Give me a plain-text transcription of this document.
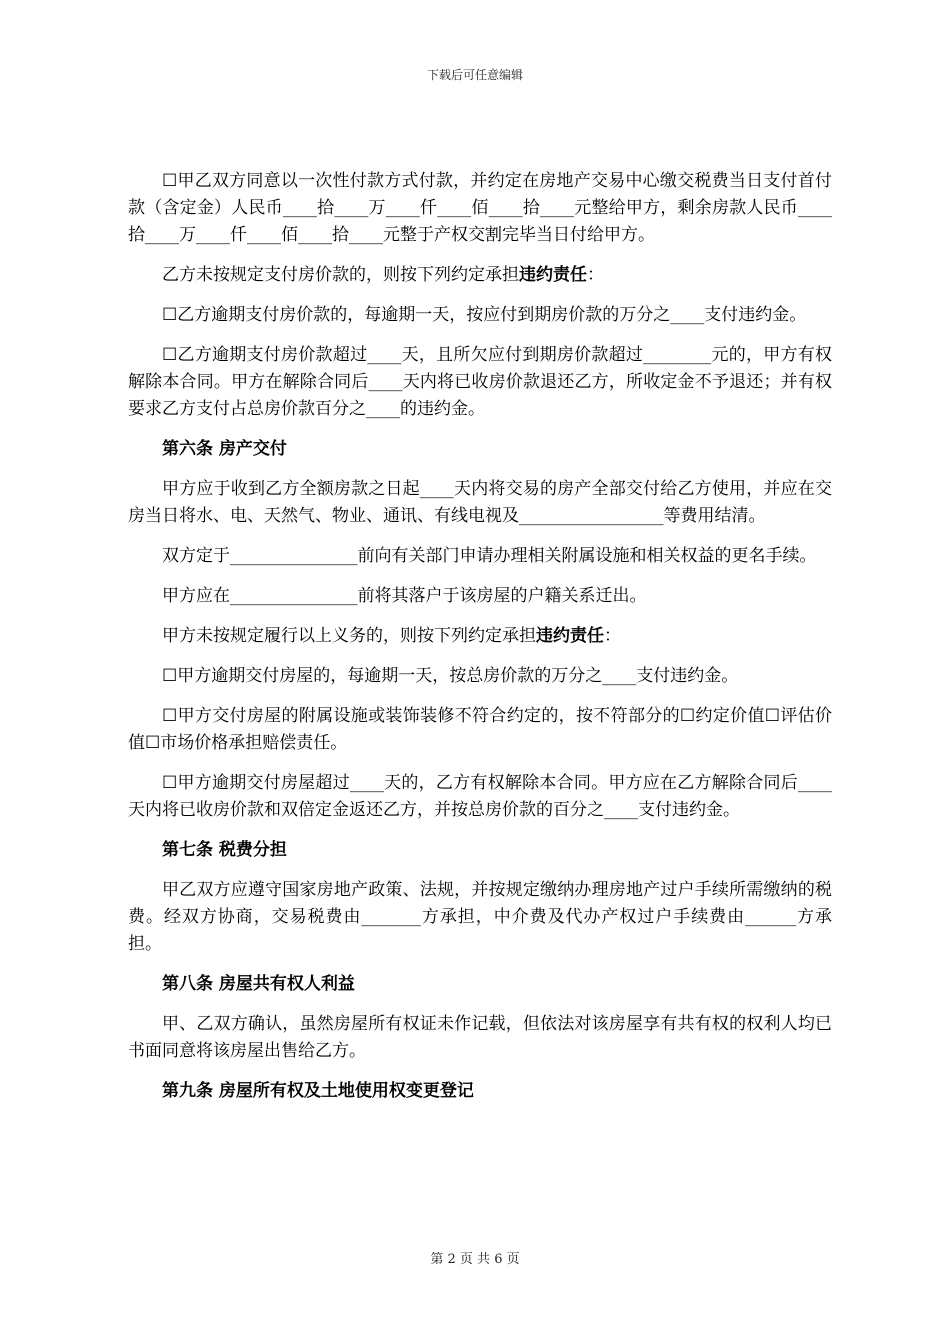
下载后可任意编辑

☐甲乙双方同意以一次性付款方式付款，并约定在房地产交易中心缴交税费当日支付首付款（含定金）人民币____拾____万____仟____佰____拾____元整给甲方，剩余房款人民币____拾____万____仟____佰____拾____元整于产权交割完毕当日付给甲方。

乙方未按规定支付房价款的，则按下列约定承担违约责任：

☐乙方逾期支付房价款的，每逾期一天，按应付到期房价款的万分之____支付违约金。

☐乙方逾期支付房价款超过____天，且所欠应付到期房价款超过________元的，甲方有权解除本合同。甲方在解除合同后____天内将已收房价款退还乙方，所收定金不予退还；并有权要求乙方支付占总房价款百分之____的违约金。

第六条 房产交付

甲方应于收到乙方全额房款之日起____天内将交易的房产全部交付给乙方使用，并应在交房当日将水、电、天然气、物业、通讯、有线电视及_________________等费用结清。

双方定于_______________前向有关部门申请办理相关附属设施和相关权益的更名手续。

甲方应在_______________前将其落户于该房屋的户籍关系迁出。

甲方未按规定履行以上义务的，则按下列约定承担违约责任：

☐甲方逾期交付房屋的，每逾期一天，按总房价款的万分之____支付违约金。

☐甲方交付房屋的附属设施或装饰装修不符合约定的，按不符部分的☐约定价值☐评估价值☐市场价格承担赔偿责任。

☐甲方逾期交付房屋超过____天的，乙方有权解除本合同。甲方应在乙方解除合同后____天内将已收房价款和双倍定金返还乙方，并按总房价款的百分之____支付违约金。

第七条 税费分担

甲乙双方应遵守国家房地产政策、法规，并按规定缴纳办理房地产过户手续所需缴纳的税费。经双方协商，交易税费由_______方承担，中介费及代办产权过户手续费由______方承担。

第八条 房屋共有权人利益

甲、乙双方确认，虽然房屋所有权证未作记载，但依法对该房屋享有共有权的权利人均已书面同意将该房屋出售给乙方。

第九条 房屋所有权及土地使用权变更登记

第 2 页 共 6 页
